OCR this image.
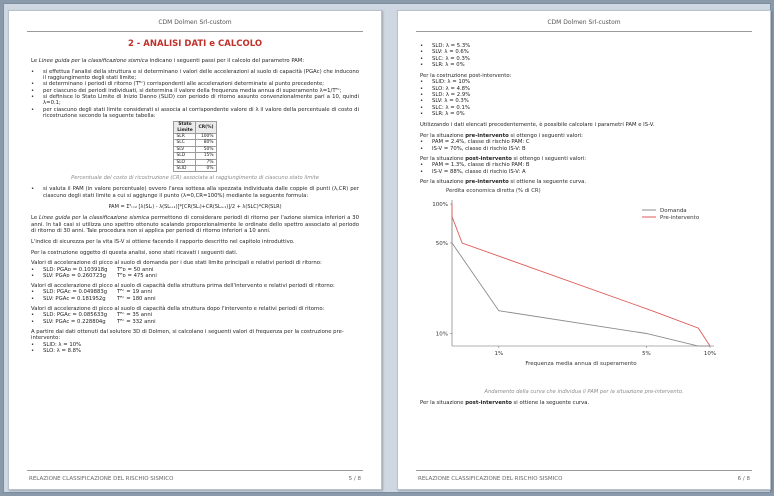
CDM Dolmen Srl-custom
2 - ANALISI DATI e CALCOLO

Le Linee guida per la classificazione sismica indicano i seguenti passi per il calcolo del parametro PAM:

•	si effettua l'analisi della struttura e si determinano i valori delle accelerazioni al suolo di capacità (PGAᴄ) che inducono il raggiungimento degli stati limite;
•	si determinano i periodi di ritorno (Tᴿᶜ) corrispondenti alle accelerazioni determinate al punto precedente;
•	per ciascuno dei periodi individuati, si determina il valore della frequenza media annua di superamento λ=1/Tᴿᶜ;
•	si definisce lo Stato Limite di Inizio Danno (SLID) con periodo di ritorno assunto convenzionalmente pari a 10, quindi λ=0.1;
•	per ciascuno degli stati limite considerati si associa al corrispondente valore di λ il valore della percentuale di costo di ricostruzione secondo la seguente tabella:
Stato Limite	CR(%)
SLR	100%
SLC	80%
SLV	50%
SLD	15%
SLO	7%
SLID	0%
Percentuale del costo di ricostruzione (CR) associata al raggiungimento di ciascuno stato limite
•	si valuta il PAM (in valore percentuale) ovvero l'area sottesa alla spezzata individuata dalle coppie di punti (λ,CR) per ciascuno degli stati limite a cui si aggiunge il punto (λ=0,CR=100%) mediante la seguente formula:
PAM = Σ⁵ᵢ₌₂ [λ(SLᵢ) - λ(SLᵢ₊₁)]*[CR(SLᵢ)+CR(SLᵢ₊₁)]/2 + λ(SLC)*CR(SLR)

Le Linee guida per la classificazione sismica permettono di considerare periodi di ritorno per l'azione sismica inferiori a 30 anni. In tali casi si utilizza uno spettro ottenuto scalando proporzionalmente le ordinate dello spettro associato al periodo di ritorno di 30 anni. Tale procedura non si applica per periodi di ritorno inferiori a 10 anni.

L'indice di sicurezza per la vita IS-V si ottiene facendo il rapporto descritto nel capitolo introduttivo.

Per la costruzione oggetto di questa analisi, sono stati ricavati i seguenti dati.

Valori di accelerazione di picco al suolo di domanda per i due stati limite principali e relativi periodi di ritorno:
•	SLD: PGAᴅ = 0.103918g	Tᴿᴅ = 50 anni
•	SLV: PGAᴅ = 0.260723g	Tᴿᴅ = 475 anni
Valori di accelerazione di picco al suolo di capacità della struttura prima dell'intervento e relativi periodi di ritorno:
•	SLD: PGAᴄ = 0.049883g	Tᴿᶜ = 19 anni
•	SLV: PGAᴄ = 0.181952g	Tᴿᶜ = 180 anni
Valori di accelerazione di picco al suolo di capacità della struttura dopo l'intervento e relativi periodi di ritorno:
•	SLD: PGAᴄ = 0.085633g	Tᴿᶜ = 35 anni
•	SLV: PGAᴄ = 0.228804g	Tᴿᶜ = 332 anni
A partire dai dati ottenuti dal solutore 3D di Dolmen, si calcolano i seguenti valori di frequenza per la costruzione pre-intervento:
•	SLID: λ = 10%
•	SLO: λ = 8.8%
RELAZIONE CLASSIFICAZIONE DEL RISCHIO SISMICO	5 / 8
CDM Dolmen Srl-custom
•	SLD: λ = 5.3%
•	SLV: λ = 0.6%
•	SLC: λ = 0.3%
•	SLR: λ = 0%
Per la costruzione post-intervento:
•	SLID: λ = 10%
•	SLO: λ = 4.8%
•	SLD: λ = 2.9%
•	SLV: λ = 0.3%
•	SLC: λ = 0.1%
•	SLR: λ = 0%

Utilizzando i dati elencati precedentemente, è possibile calcolare i parametri PAM e IS-V.

Per la situazione pre-intervento si ottengo i seguenti valori:
•	PAM = 2.4%, classe di rischio PAM: C
•	IS-V = 70%, classe di rischio IS-V: B
Per la situazione post-intervento si ottengo i seguenti valori:
•	PAM = 1.3%, classe di rischio PAM: B
•	IS-V = 88%, classe di rischio IS-V: A
Per la situazione pre-intervento si ottiene la seguente curva.
Perdita economica diretta (% di CR)
100%
50%
10%
1%	5%	10%
Frequenza media annua di superamento
Domanda
Pre-intervento
Andamento della curva che individua il PAM per la situazione pre-intervento.
Per la situazione post-intervento si ottiene la seguente curva.
RELAZIONE CLASSIFICAZIONE DEL RISCHIO SISMICO	6 / 8
